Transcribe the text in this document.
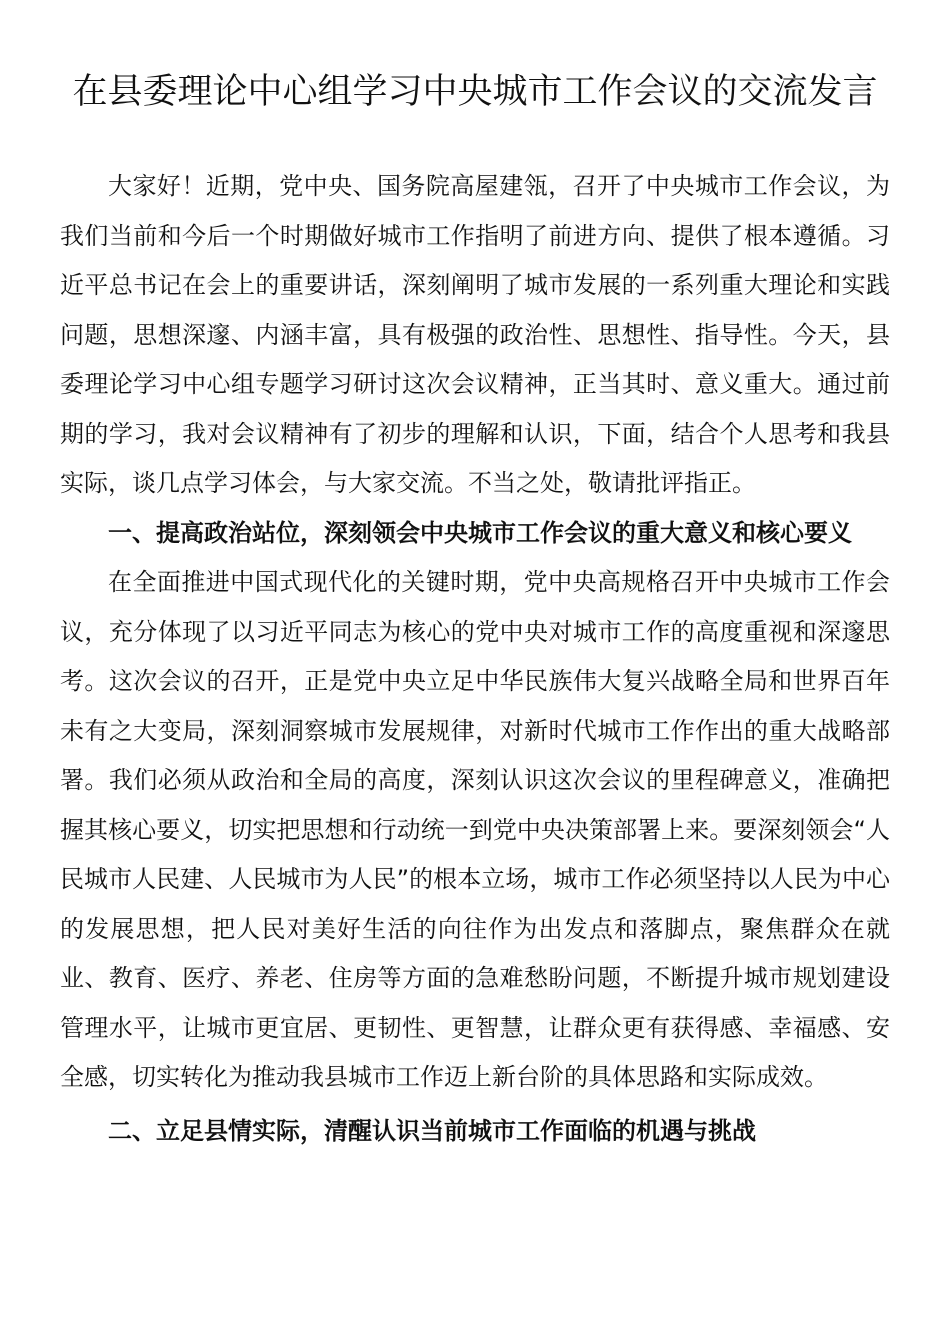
在县委理论中心组学习中央城市工作会议的交流发言

大家好！近期，党中央、国务院高屋建瓴，召开了中央城市工作会议，为我们当前和今后一个时期做好城市工作指明了前进方向、提供了根本遵循。习近平总书记在会上的重要讲话，深刻阐明了城市发展的一系列重大理论和实践问题，思想深邃、内涵丰富，具有极强的政治性、思想性、指导性。今天，县委理论学习中心组专题学习研讨这次会议精神，正当其时、意义重大。通过前期的学习，我对会议精神有了初步的理解和认识，下面，结合个人思考和我县实际，谈几点学习体会，与大家交流。不当之处，敬请批评指正。

一、提高政治站位，深刻领会中央城市工作会议的重大意义和核心要义

在全面推进中国式现代化的关键时期，党中央高规格召开中央城市工作会议，充分体现了以习近平同志为核心的党中央对城市工作的高度重视和深邃思考。这次会议的召开，正是党中央立足中华民族伟大复兴战略全局和世界百年未有之大变局，深刻洞察城市发展规律，对新时代城市工作作出的重大战略部署。我们必须从政治和全局的高度，深刻认识这次会议的里程碑意义，准确把握其核心要义，切实把思想和行动统一到党中央决策部署上来。要深刻领会“人民城市人民建、人民城市为人民”的根本立场，城市工作必须坚持以人民为中心的发展思想，把人民对美好生活的向往作为出发点和落脚点，聚焦群众在就业、教育、医疗、养老、住房等方面的急难愁盼问题，不断提升城市规划建设管理水平，让城市更宜居、更韧性、更智慧，让群众更有获得感、幸福感、安全感，切实转化为推动我县城市工作迈上新台阶的具体思路和实际成效。

二、立足县情实际，清醒认识当前城市工作面临的机遇与挑战
